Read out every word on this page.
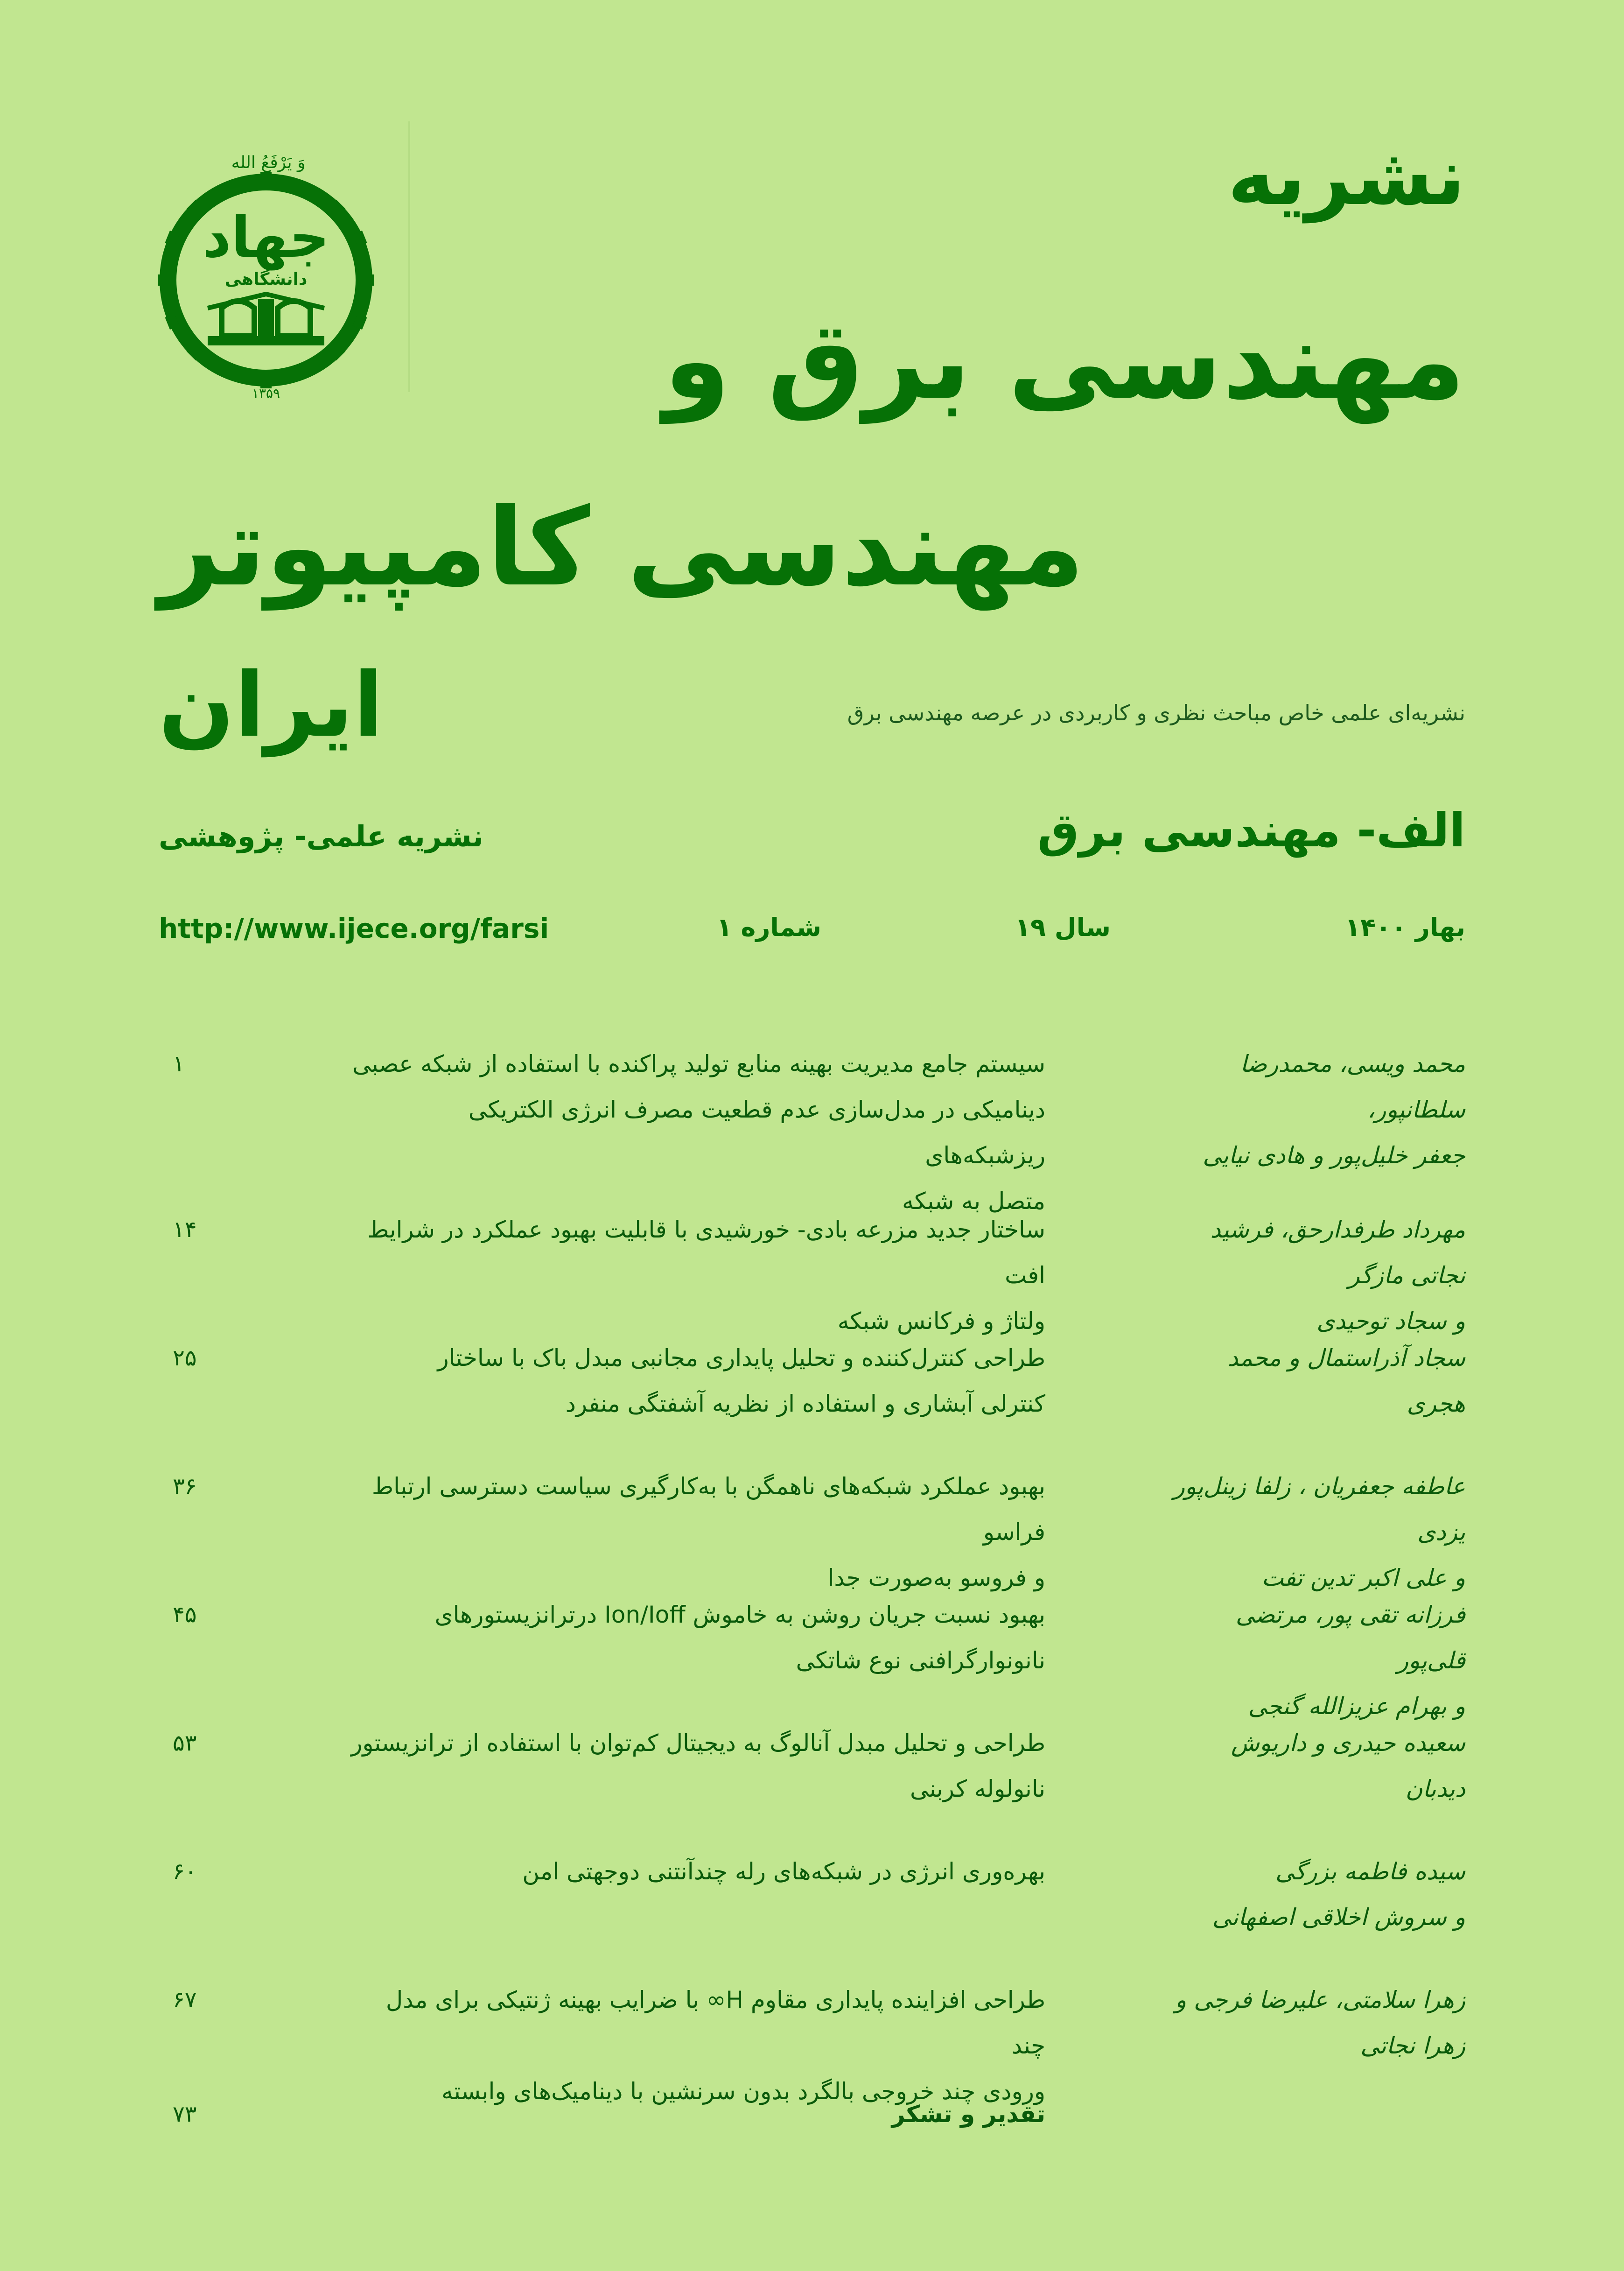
وَ یَرْفَعُ الله
جهاد
دانشگاهی
۱۳۵۹
نشریه
مهندسی برق و
مهندسی کامپیوتر
ایران	نشریه‌ای علمی خاص مباحث نظری و کاربردی در عرصه مهندسی برق
الف- مهندسی برق
نشریه علمی- پژوهشی
بهار ۱۴۰۰
سال ۱۹
شماره ۱
http://www.ijece.org/farsi
محمد ویسی، محمدرضا سلطانپور،
جعفر خلیل‌پور و هادی نیایی
سیستم جامع مدیریت بهینه منابع تولید پراکنده با استفاده از شبکه عصبی
دینامیکی در مدل‌سازی عدم قطعیت مصرف انرژی الکتریکی ریزشبکه‌های
متصل به شبکه
۱
مهرداد طرفدارحق، فرشید نجاتی مازگر
و سجاد توحیدی
ساختار جدید مزرعه بادی- خورشیدی با قابلیت بهبود عملکرد در شرایط افت
ولتاژ و فرکانس شبکه
۱۴
سجاد آذراستمال و محمد هجری
طراحی کنترل‌کننده و تحلیل پایداری مجانبی مبدل باک با ساختار
کنترلی آبشاری و استفاده از نظریه آشفتگی منفرد
۲۵
عاطفه جعفریان ، زلفا زینل‌پور یزدی
و علی اکبر تدین تفت
بهبود عملکرد شبکه‌های ناهمگن با به‌کارگیری سیاست دسترسی ارتباط فراسو
و فروسو به‌صورت جدا
۳۶
فرزانه تقی پور، مرتضی قلی‌پور
و بهرام عزیزالله گنجی
بهبود نسبت جریان روشن به خاموش Ion/Ioff درترانزیستورهای
نانونوارگرافنی نوع شاتکی
۴۵
سعیده حیدری و داریوش دیدبان
طراحی و تحلیل مبدل آنالوگ به دیجیتال کم‌توان با استفاده از ترانزیستور
نانولوله کربنی
۵۳
سیده فاطمه بزرگی
و سروش اخلاقی اصفهانی
بهره‌وری انرژی در شبکه‌های رله چندآنتنی دوجهتی امن
۶۰
زهرا سلامتی، علیرضا فرجی و زهرا نجاتی
طراحی افزاینده پایداری مقاوم H∞ با ضرایب بهینه ژنتیکی برای مدل چند
ورودی چند خروجی بالگرد بدون سرنشین با دینامیک‌های وابسته
۶۷
تقدیر و تشکر
۷۳
